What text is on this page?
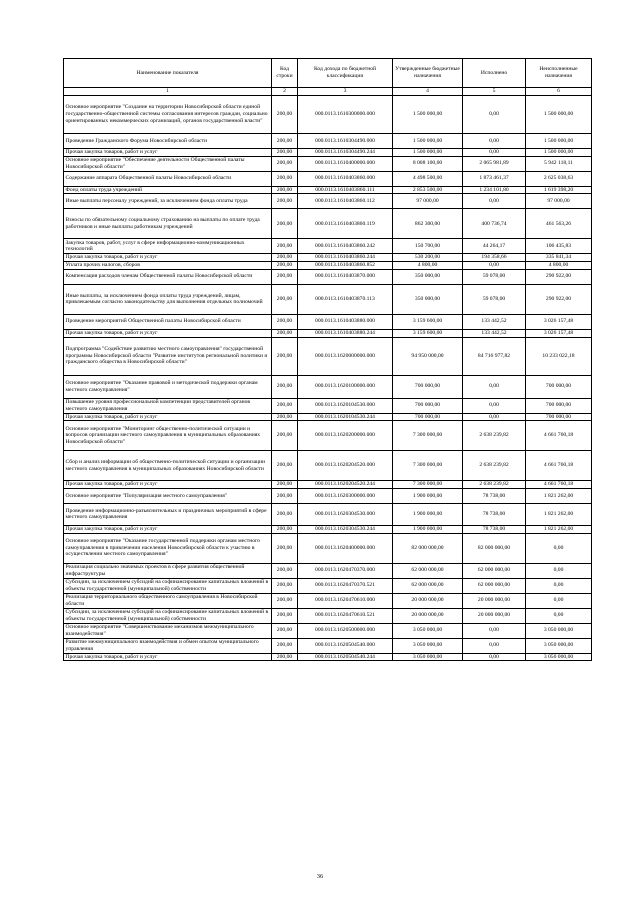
Наименование показателя	Код строки	Код дохода по бюджетной классификации	Утвержденные бюджетные назначения	Исполнено	Неисполненные назначения
1	2	3	4	5	6
Основное мероприятие "Создание на территории Новосибирской области единой государственно-общественной системы согласования интересов граждан, социально ориентированных некоммерческих организаций, органов государственной власти"	200,00	000.0113.1610300000.000	1 500 000,00	0,00	1 500 000,00
Проведение Гражданского Форума Новосибирской области	200,00	000.0113.1610304490.000	1 500 000,00	0,00	1 500 000,00
Прочая закупка товаров, работ и услуг	200,00	000.0113.1610304490.244	1 500 000,00	0,00	1 500 000,00
Основное мероприятие "Обеспечение деятельности Общественной палаты Новосибирской области"	200,00	000.0113.1610400000.000	8 008 100,00	2 065 981,89	5 942 118,11
Содержание аппарата Общественной палаты Новосибирской области	200,00	000.0113.1610403860.000	4 498 500,00	1 873 461,37	2 625 038,63
Фонд оплаты труда учреждений	200,00	000.0113.1610403860.111	2 853 500,00	1 234 101,80	1 619 398,20
Иные выплаты персоналу учреждений, за исключением фонда оплаты труда	200,00	000.0113.1610403860.112	97 000,00	0,00	97 000,00
Взносы по обязательному социальному страхованию на выплаты по оплате труда работников и иные выплаты работникам учреждений	200,00	000.0113.1610403860.119	862 300,00	400 736,74	461 563,26
Закупка товаров, работ, услуг в сфере информационно-коммуникационных технологий	200,00	000.0113.1610403860.242	150 700,00	44 264,17	106 435,83
Прочая закупка товаров, работ и услуг	200,00	000.0113.1610403860.244	530 200,00	194 358,66	335 841,34
Уплата прочих налогов, сборов	200,00	000.0113.1610403860.852	4 800,00	0,00	4 800,00
Компенсация расходов членам Общественной палаты Новосибирской области	200,00	000.0113.1610403870.000	350 000,00	59 078,00	290 922,00
Иные выплаты, за исключением фонда оплаты труда учреждений, лицам, привлекаемым согласно законодательству для выполнения отдельных полномочий	200,00	000.0113.1610403870.113	350 000,00	59 078,00	290 922,00
Проведение мероприятий Общественной палаты Новосибирской области	200,00	000.0113.1610403880.000	3 159 600,00	133 442,52	3 026 157,48
Прочая закупка товаров, работ и услуг	200,00	000.0113.1610403880.244	3 159 600,00	133 442,52	3 026 157,48
Подпрограмма "Содействие развитию местного самоуправления" государственной программы Новосибирской области "Развитие институтов региональной политики и гражданского общества в Новосибирской области"	200,00	000.0113.1620000000.000	94 950 000,00	84 716 977,82	10 233 022,18
Основное мероприятие "Оказание правовой и методической поддержки органам местного самоуправления"	200,00	000.0113.1620100000.000	700 000,00	0,00	700 000,00
Повышение уровня профессиональной компетенции представителей органов местного самоуправления	200,00	000.0113.1620104530.000	700 000,00	0,00	700 000,00
Прочая закупка товаров, работ и услуг	200,00	000.0113.1620104530.244	700 000,00	0,00	700 000,00
Основное мероприятие "Мониторинг общественно-политической ситуации и вопросов организации местного самоуправления в муниципальных образованиях Новосибирской области"	200,00	000.0113.1620200000.000	7 300 000,00	2 638 239,82	4 661 760,18
Сбор и анализ информации об общественно-политической ситуации и организации местного самоуправления в муниципальных образованиях Новосибирской области	200,00	000.0113.1620204520.000	7 300 000,00	2 638 239,82	4 661 760,18
Прочая закупка товаров, работ и услуг	200,00	000.0113.1620204520.244	7 300 000,00	2 638 239,82	4 661 760,18
Основное мероприятие "Популяризация местного самоуправления"	200,00	000.0113.1620300000.000	1 900 000,00	78 738,00	1 821 262,00
Проведение информационно-разъяснительных и праздничных мероприятий в сфере местного самоуправления	200,00	000.0113.1620304530.000	1 900 000,00	78 738,00	1 821 262,00
Прочая закупка товаров, работ и услуг	200,00	000.0113.1620304530.244	1 900 000,00	78 738,00	1 821 262,00
Основное мероприятие "Оказание государственной поддержки органам местного самоуправления в привлечении населения Новосибирской области к участию в осуществлении местного самоуправления"	200,00	000.0113.1620400000.000	82 000 000,00	82 000 000,00	0,00
Реализация социально значимых проектов в сфере развития общественной инфраструктуры	200,00	000.0113.1620470370.000	62 000 000,00	62 000 000,00	0,00
Субсидии, за исключением субсидий на софинансирование капитальных вложений в объекты государственной (муниципальной) собственности	200,00	000.0113.1620470370.521	62 000 000,00	62 000 000,00	0,00
Реализация территориального общественного самоуправления в Новосибирской области	200,00	000.0113.1620470610.000	20 000 000,00	20 000 000,00	0,00
Субсидии, за исключением субсидий на софинансирование капитальных вложений в объекты государственной (муниципальной) собственности	200,00	000.0113.1620470610.521	20 000 000,00	20 000 000,00	0,00
Основное мероприятие "Совершенствование механизмов межмуниципального взаимодействия"	200,00	000.0113.1620500000.000	3 050 000,00	0,00	3 050 000,00
Развитие межмуниципального взаимодействия и обмен опытом муниципального управления	200,00	000.0113.1620504540.000	3 050 000,00	0,00	3 050 000,00
Прочая закупка товаров, работ и услуг	200,00	000.0113.1620504540.244	3 050 000,00	0,00	3 050 000,00
36
